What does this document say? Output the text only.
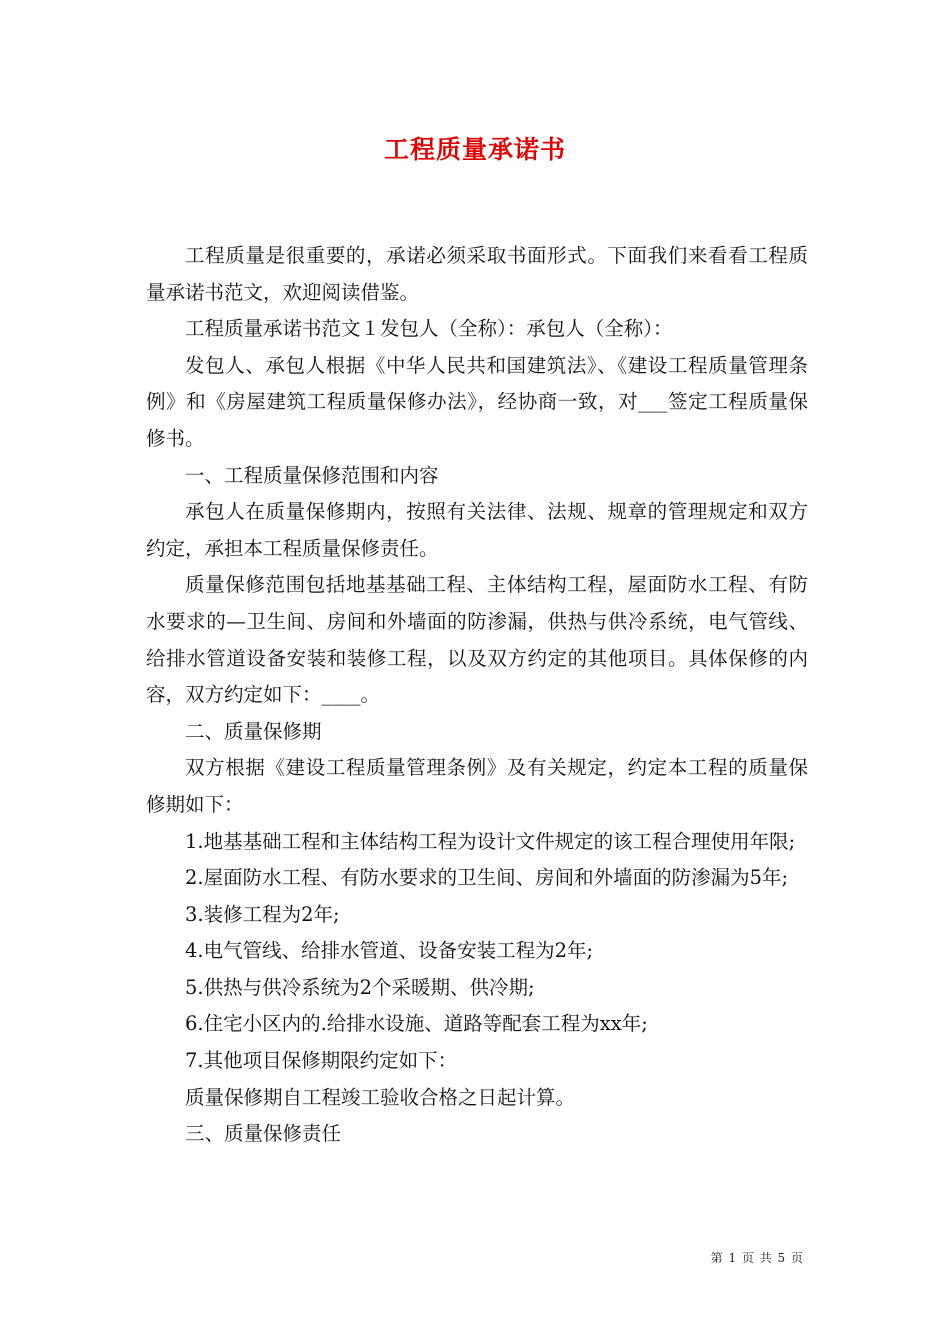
工程质量承诺书

工程质量是很重要的，承诺必须采取书面形式。下面我们来看看工程质量承诺书范文，欢迎阅读借鉴。

工程质量承诺书范文１发包人（全称）：承包人（全称）：

发包人、承包人根据《中华人民共和国建筑法》、《建设工程质量管理条例》和《房屋建筑工程质量保修办法》，经协商一致，对___签定工程质量保修书。

一、工程质量保修范围和内容

承包人在质量保修期内，按照有关法律、法规、规章的管理规定和双方约定，承担本工程质量保修责任。

质量保修范围包括地基基础工程、主体结构工程，屋面防水工程、有防水要求的—卫生间、房间和外墙面的防渗漏，供热与供冷系统，电气管线、给排水管道设备安装和装修工程，以及双方约定的其他项目。具体保修的内容，双方约定如下：____。

二、质量保修期

双方根据《建设工程质量管理条例》及有关规定，约定本工程的质量保修期如下：

1.地基基础工程和主体结构工程为设计文件规定的该工程合理使用年限;

2.屋面防水工程、有防水要求的卫生间、房间和外墙面的防渗漏为5年;

3.装修工程为2年;

4.电气管线、给排水管道、设备安装工程为2年;

5.供热与供冷系统为2个采暖期、供冷期;

6.住宅小区内的.给排水设施、道路等配套工程为xx年;

7.其他项目保修期限约定如下：

质量保修期自工程竣工验收合格之日起计算。

三、质量保修责任

第 1 页 共 5 页
